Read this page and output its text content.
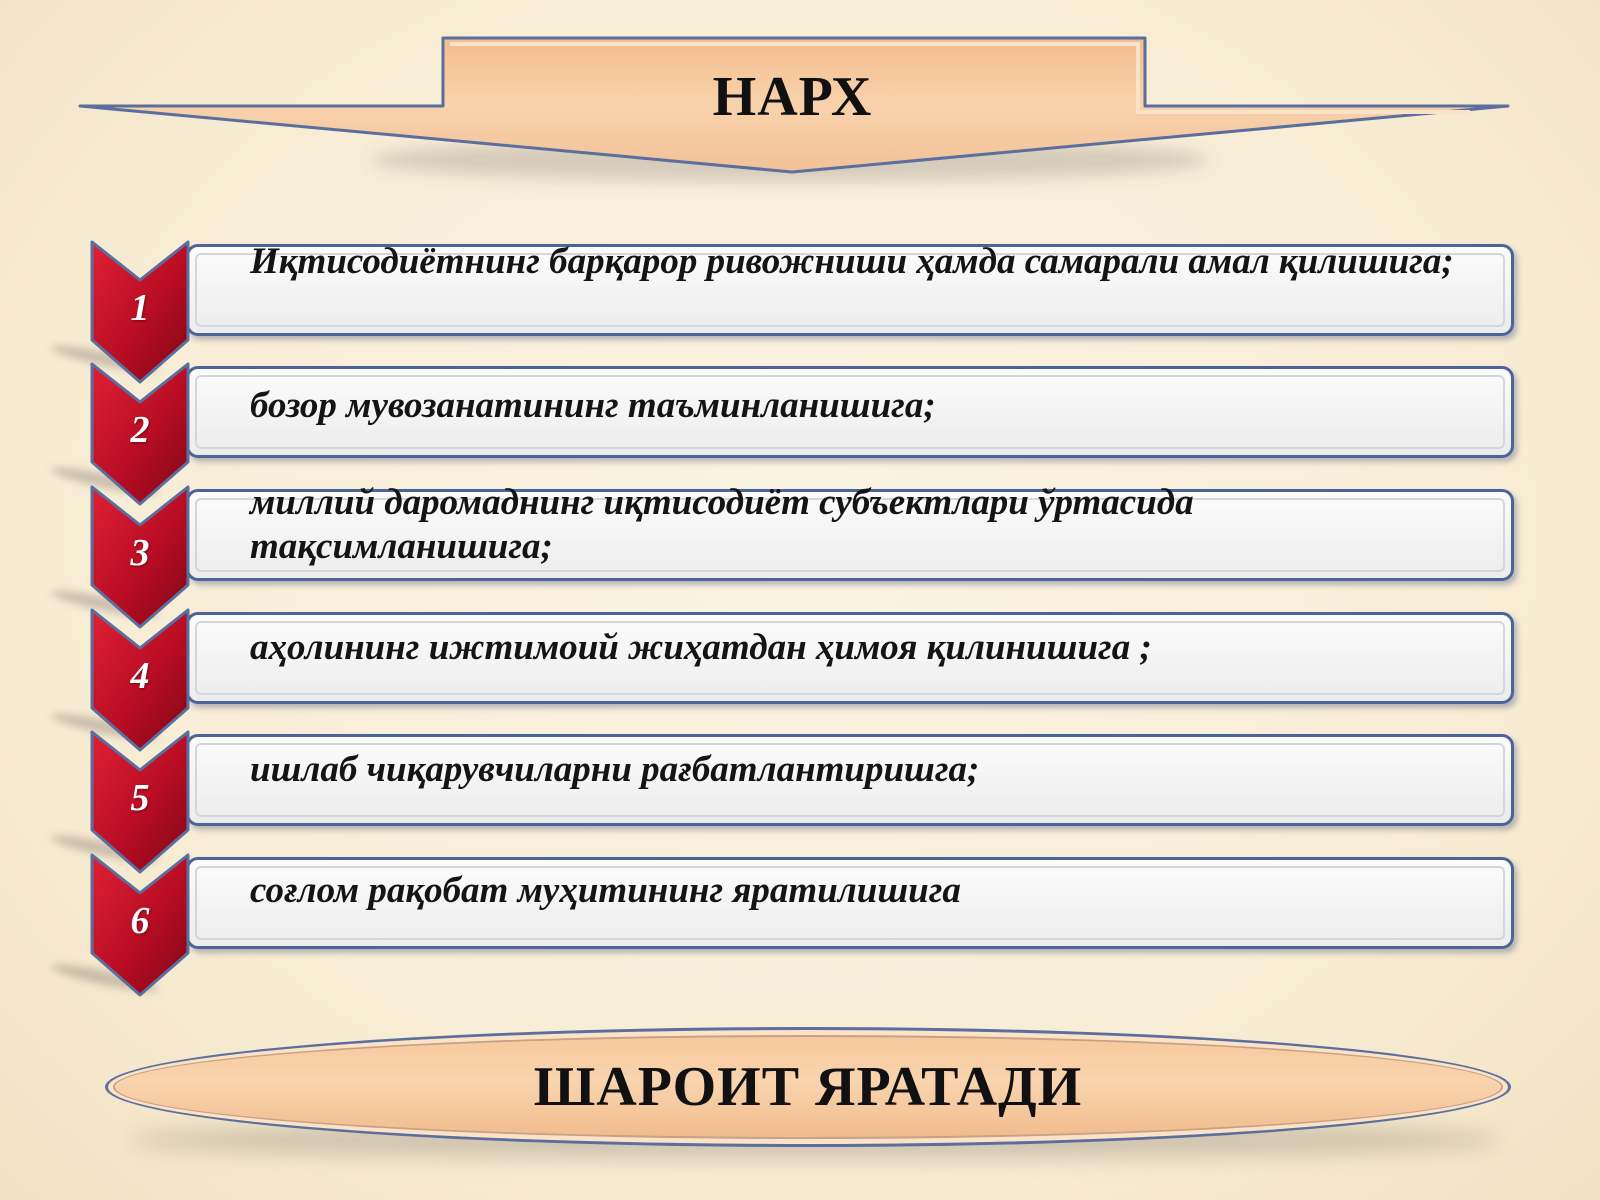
НАРХ
1
Иқтисодиётнинг барқарор ривожниши ҳамда самарали амал қилишига;
2
бозор мувозанатининг таъминланишига;
3
миллий даромаднинг иқтисодиёт субъектлари ўртасида тақсимланишига;
4
аҳолининг ижтимоий жиҳатдан ҳимоя қилинишига ;
5
ишлаб чиқарувчиларни рағбатлантиришга;
6
соғлом рақобат муҳитининг яратилишига
ШАРОИТ ЯРАТАДИ
